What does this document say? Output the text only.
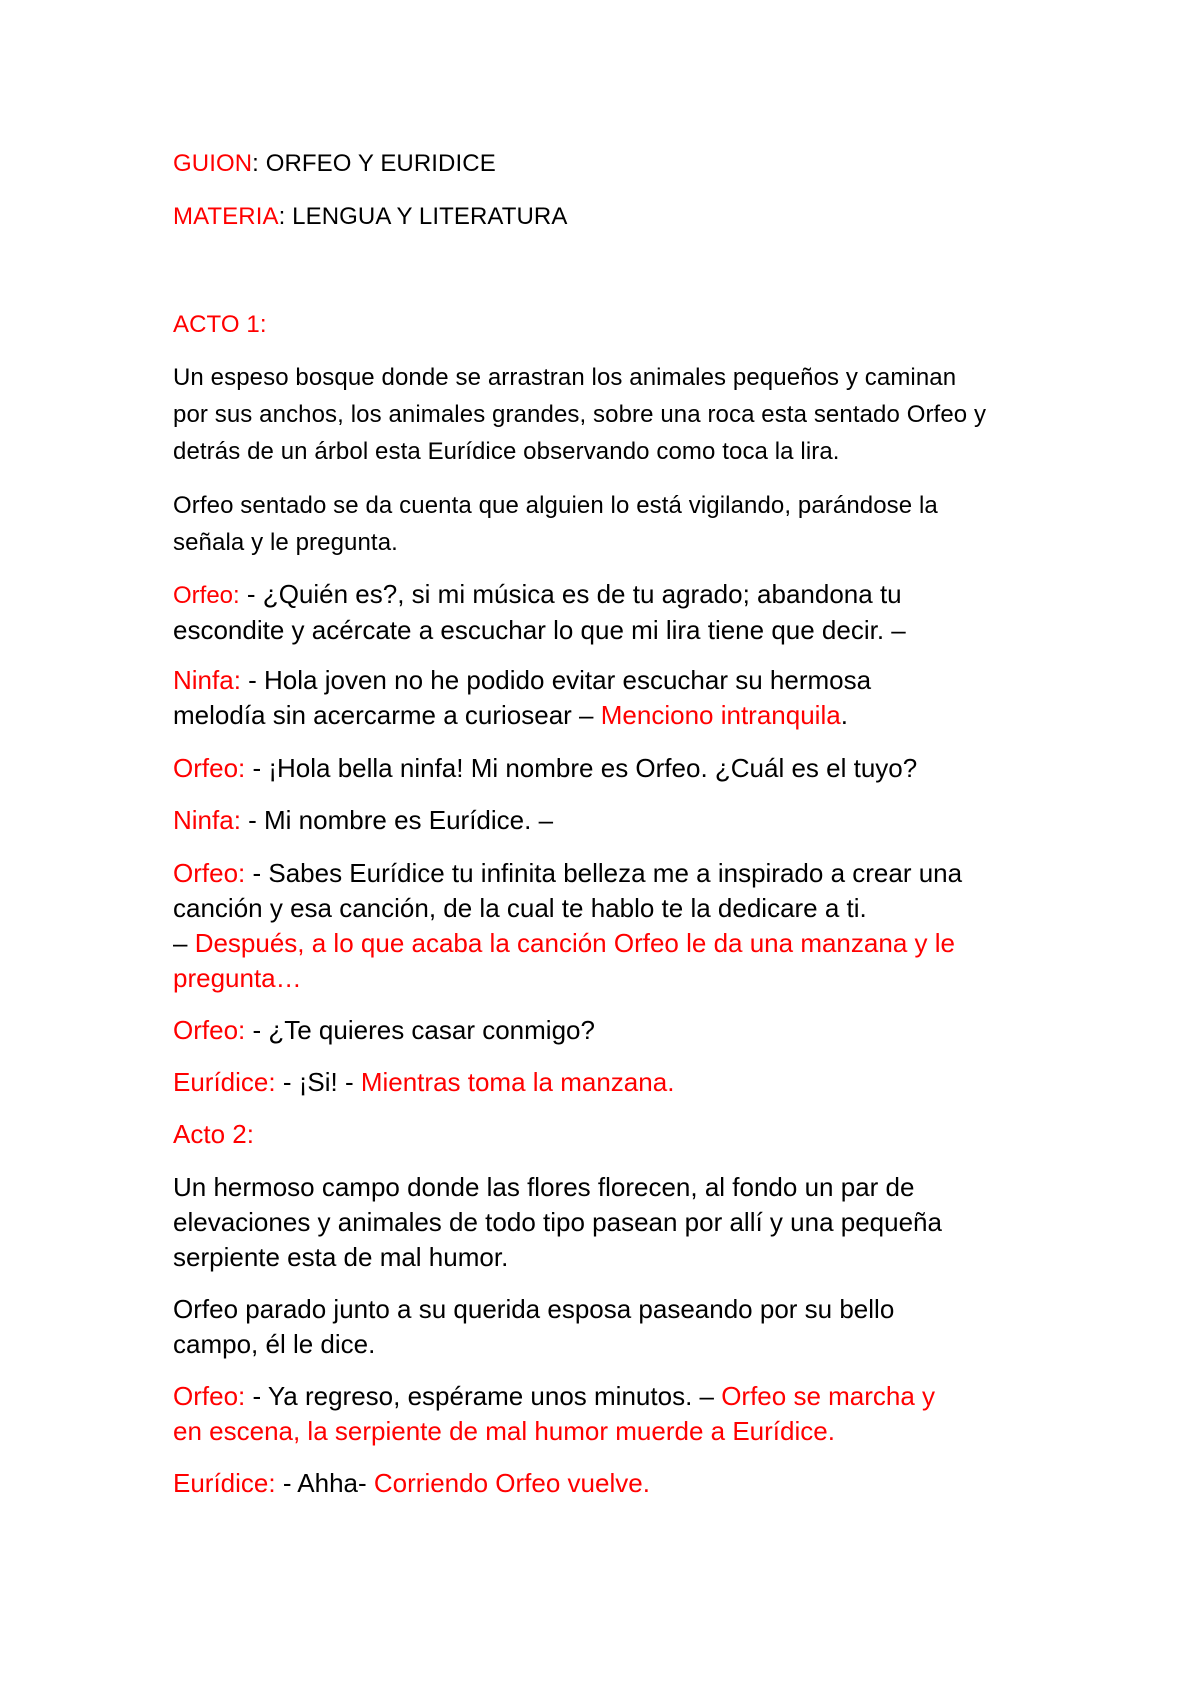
GUION: ORFEO Y EURIDICE
MATERIA: LENGUA Y LITERATURA
ACTO 1:
Un espeso bosque donde se arrastran los animales pequeños y caminan
por sus anchos, los animales grandes, sobre una roca esta sentado Orfeo y
detrás de un árbol esta Eurídice observando como toca la lira.
Orfeo sentado se da cuenta que alguien lo está vigilando, parándose la
señala y le pregunta.
Orfeo: - ¿Quién es?, si mi música es de tu agrado; abandona tu
escondite y acércate a escuchar lo que mi lira tiene que decir. –
Ninfa: - Hola joven no he podido evitar escuchar su hermosa
melodía sin acercarme a curiosear – Menciono intranquila.
Orfeo: - ¡Hola bella ninfa! Mi nombre es Orfeo. ¿Cuál es el tuyo?
Ninfa: - Mi nombre es Eurídice. –
Orfeo: - Sabes Eurídice tu infinita belleza me a inspirado a crear una
canción y esa canción, de la cual te hablo te la dedicare a ti.
– Después, a lo que acaba la canción Orfeo le da una manzana y le
pregunta…
Orfeo: - ¿Te quieres casar conmigo?
Eurídice: - ¡Si! - Mientras toma la manzana.
Acto 2:
Un hermoso campo donde las flores florecen, al fondo un par de
elevaciones y animales de todo tipo pasean por allí y una pequeña
serpiente esta de mal humor.
Orfeo parado junto a su querida esposa paseando por su bello
campo, él le dice.
Orfeo: - Ya regreso, espérame unos minutos. – Orfeo se marcha y
en escena, la serpiente de mal humor muerde a Eurídice.
Eurídice: - Ahha- Corriendo Orfeo vuelve.
